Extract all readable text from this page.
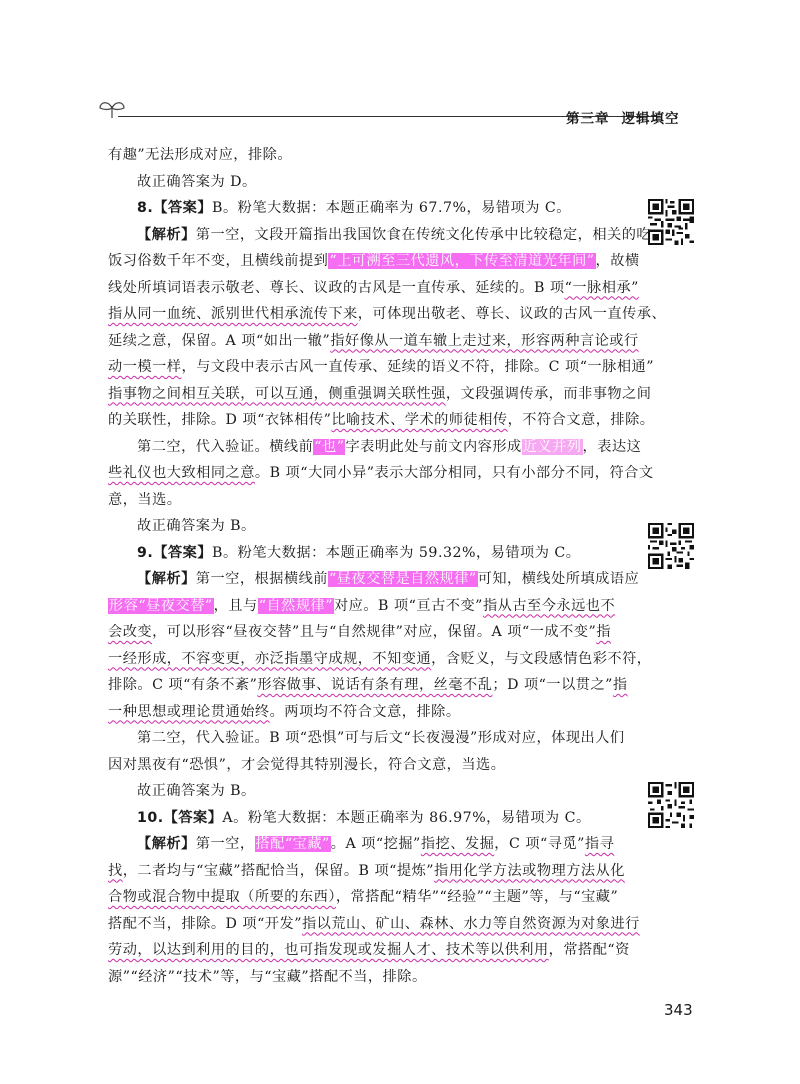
第三章 逻辑填空
有趣”无法形成对应，排除。
故正确答案为 D。
8.【答案】B。粉笔大数据：本题正确率为 67.7%，易错项为 C。
【解析】第一空，文段开篇指出我国饮食在传统文化传承中比较稳定，相关的吃
饭习俗数千年不变，且横线前提到“上可溯至三代遗风，下传至清道光年间”，故横
线处所填词语表示敬老、尊长、议政的古风是一直传承、延续的。B 项“一脉相承”
指从同一血统、派别世代相承流传下来，可体现出敬老、尊长、议政的古风一直传承、
延续之意，保留。A 项“如出一辙”指好像从一道车辙上走过来，形容两种言论或行
动一模一样，与文段中表示古风一直传承、延续的语义不符，排除。C 项“一脉相通”
指事物之间相互关联，可以互通，侧重强调关联性强，文段强调传承，而非事物之间
的关联性，排除。D 项“衣钵相传”比喻技术、学术的师徒相传，不符合文意，排除。
第二空，代入验证。横线前“也”字表明此处与前文内容形成近义并列，表达这
些礼仪也大致相同之意。B 项“大同小异”表示大部分相同，只有小部分不同，符合文
意，当选。
故正确答案为 B。
9.【答案】B。粉笔大数据：本题正确率为 59.32%，易错项为 C。
【解析】第一空，根据横线前“昼夜交替是自然规律”可知，横线处所填成语应
形容“昼夜交替”，且与“自然规律”对应。B 项“亘古不变”指从古至今永远也不
会改变，可以形容“昼夜交替”且与“自然规律”对应，保留。A 项“一成不变”指
一经形成，不容变更，亦泛指墨守成规，不知变通，含贬义，与文段感情色彩不符，
排除。C 项“有条不紊”形容做事、说话有条有理，丝毫不乱；D 项“一以贯之”指
一种思想或理论贯通始终。两项均不符合文意，排除。
第二空，代入验证。B 项“恐惧”可与后文“长夜漫漫”形成对应，体现出人们
因对黑夜有“恐惧”，才会觉得其特别漫长，符合文意，当选。
故正确答案为 B。
10.【答案】A。粉笔大数据：本题正确率为 86.97%，易错项为 C。
【解析】第一空，搭配“宝藏”。A 项“挖掘”指挖、发掘，C 项“寻觅”指寻
找，二者均与“宝藏”搭配恰当，保留。B 项“提炼”指用化学方法或物理方法从化
合物或混合物中提取（所要的东西），常搭配“精华”“经验”“主题”等，与“宝藏”
搭配不当，排除。D 项“开发”指以荒山、矿山、森林、水力等自然资源为对象进行
劳动，以达到利用的目的，也可指发现或发掘人才、技术等以供利用，常搭配“资
源”“经济”“技术”等，与“宝藏”搭配不当，排除。
343
